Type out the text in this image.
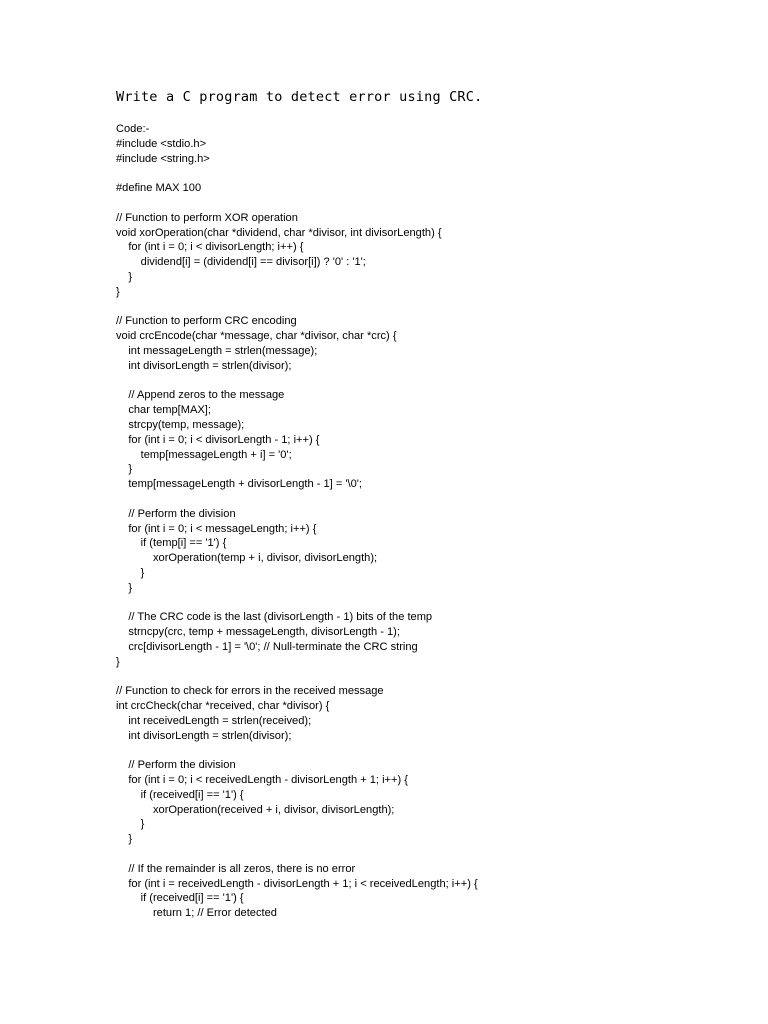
Write a C program to detect error using CRC.
Code:-
#include <stdio.h>
#include <string.h>
#define MAX 100
// Function to perform XOR operation
void xorOperation(char *dividend, char *divisor, int divisorLength) {
for (int i = 0; i < divisorLength; i++) {
dividend[i] = (dividend[i] == divisor[i]) ? '0' : '1';
}
}
// Function to perform CRC encoding
void crcEncode(char *message, char *divisor, char *crc) {
int messageLength = strlen(message);
int divisorLength = strlen(divisor);
// Append zeros to the message
char temp[MAX];
strcpy(temp, message);
for (int i = 0; i < divisorLength - 1; i++) {
temp[messageLength + i] = '0';
}
temp[messageLength + divisorLength - 1] = '\0';
// Perform the division
for (int i = 0; i < messageLength; i++) {
if (temp[i] == '1') {
xorOperation(temp + i, divisor, divisorLength);
}
}
// The CRC code is the last (divisorLength - 1) bits of the temp
strncpy(crc, temp + messageLength, divisorLength - 1);
crc[divisorLength - 1] = '\0'; // Null-terminate the CRC string
}
// Function to check for errors in the received message
int crcCheck(char *received, char *divisor) {
int receivedLength = strlen(received);
int divisorLength = strlen(divisor);
// Perform the division
for (int i = 0; i < receivedLength - divisorLength + 1; i++) {
if (received[i] == '1') {
xorOperation(received + i, divisor, divisorLength);
}
}
// If the remainder is all zeros, there is no error
for (int i = receivedLength - divisorLength + 1; i < receivedLength; i++) {
if (received[i] == '1') {
return 1; // Error detected
